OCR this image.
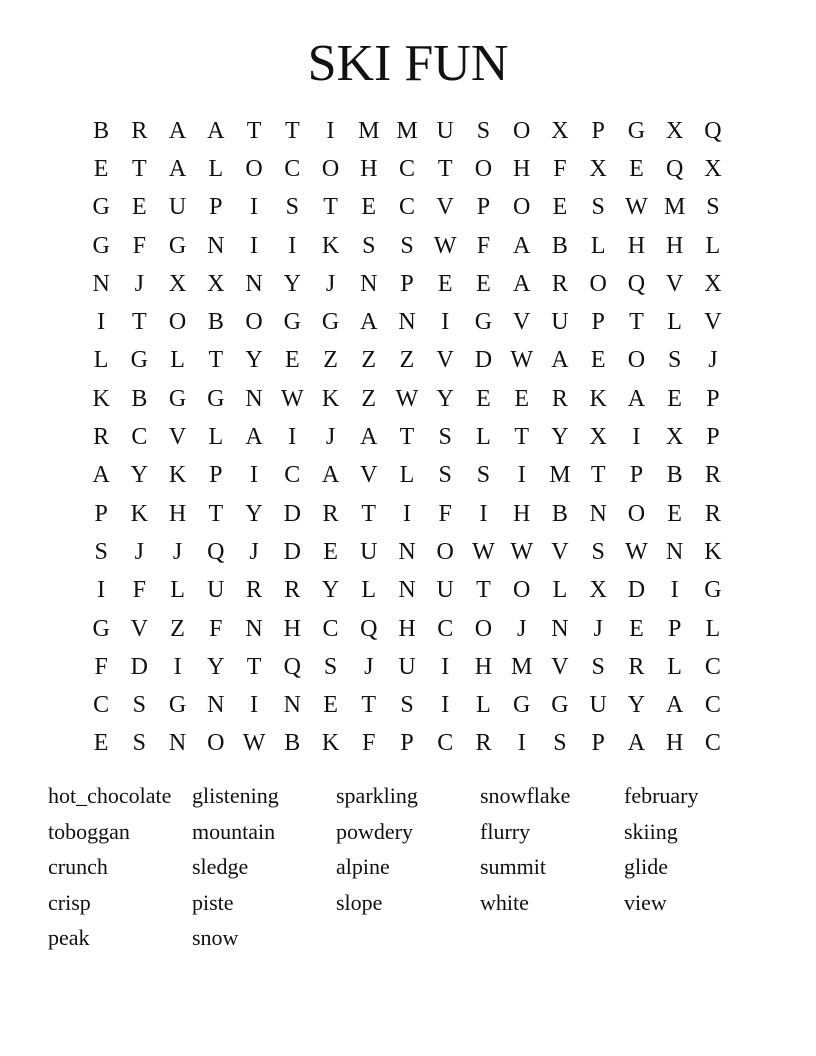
SKI FUN
B R A A T T	I M M U S O X P G X Q
E T A L O C O H C T O H F X E Q X
G E U P	I	S	T E C V P O E	S W M S
G F G N	I	I	K S	S W F A B L H H L
N	J	X X N Y	J	N P	E E A R O Q V X
I	T O B O G G A N	I	G V U P	T L V
L G L T Y E Z Z Z V D W A E O S	J
K B G G N W K Z W Y E E R K A E	P
R C V L A	I	J	A T	S	L T Y X	I	X P
A Y K P	I	C A V L	S	S	I M T	P B R
P K H T Y D R T	I	F	I	H B N O E R
S	J	J	Q	J	D E U N O W W V S W N K
I	F	L U R R Y L N U T O L X D	I	G
G V Z	F N H C Q H C O	J	N	J	E	P	L
F D	I	Y T Q S	J	U	I	H M V S R L C
C S G N	I	N E T	S	I	L G G U Y A C
E	S N O W B K F	P C R	I	S	P A H C
hot_chocolate glistening	sparkling	snowflake	february
toboggan	mountain	powdery	flurry	skiing
crunch	sledge	alpine	summit	glide
crisp	piste	slope	white	view
peak	snow
